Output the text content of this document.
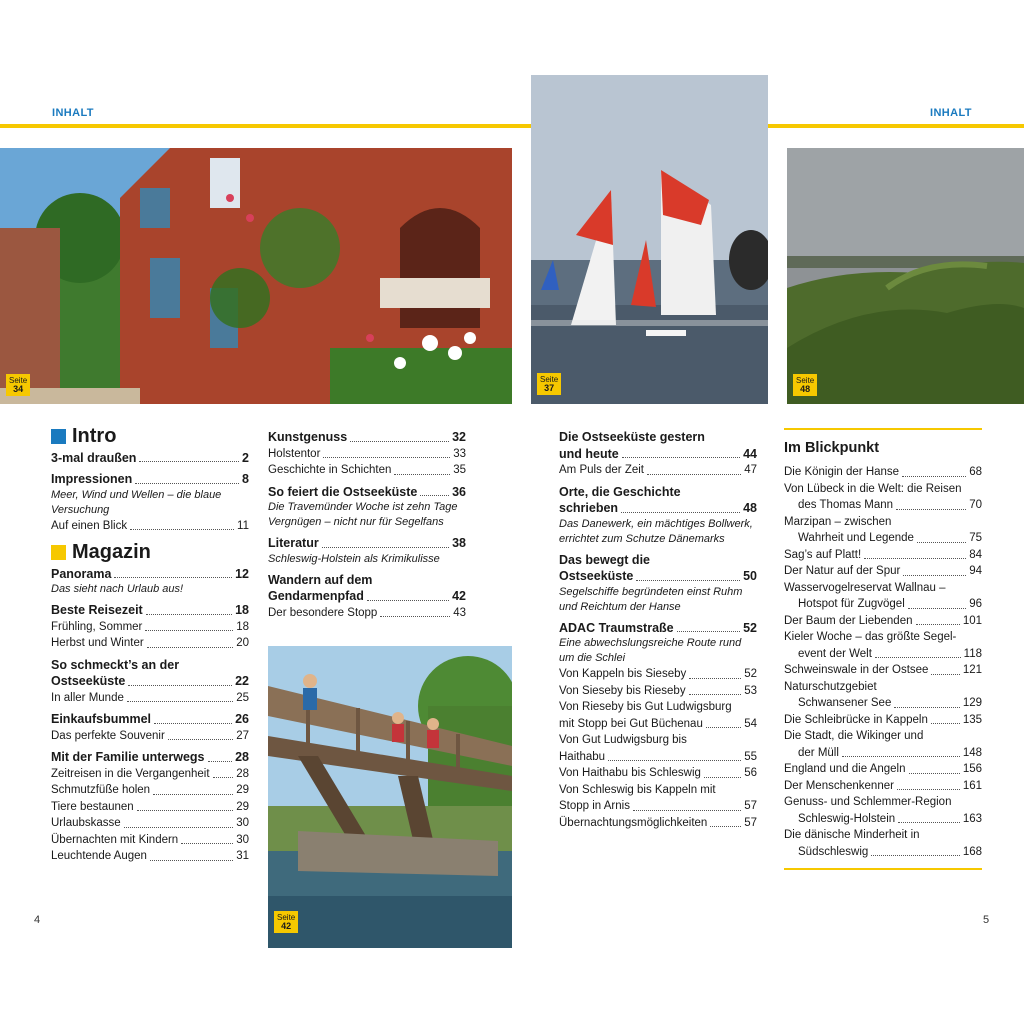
INHALT	INHALT
Seite
34
Seite
37
Seite
48
Seite
42
Intro
3-mal draußen	2
Impressionen	8
Meer, Wind und Wellen – die blaue Versuchung
Auf einen Blick	11
Magazin
Panorama	12
Das sieht nach Urlaub aus!
Beste Reisezeit	18
Frühling, Sommer	18
Herbst und Winter	20
So schmeckt’s an der
Ostseeküste	22
In aller Munde	25
Einkaufsbummel	26
Das perfekte Souvenir	27
Mit der Familie unterwegs 28
Zeitreisen in die Vergangenheit 28
Schmutzfüße holen	29
Tiere bestaunen	29
Urlaubskasse	30
Übernachten mit Kindern	30
Leuchtende Augen	31
Kunstgenuss	32
Holstentor	33
Geschichte in Schichten	35
So feiert die Ostseeküste	36
Die Travemünder Woche ist zehn Tage Vergnügen – nicht nur für Segelfans
Literatur	38
Schleswig-Holstein als Krimikulisse
Wandern auf dem
Gendarmenpfad	42
Der besondere Stopp	43
Die Ostseeküste gestern
und heute	44
Am Puls der Zeit	47
Orte, die Geschichte
schrieben	48
Das Danewerk, ein mächtiges Bollwerk, errichtet zum Schutze Dänemarks
Das bewegt die
Ostseeküste	50
Segelschiffe begründeten einst Ruhm und Reichtum der Hanse
ADAC Traumstraße	52
Eine abwechslungsreiche Route rund um die Schlei
Von Kappeln bis Sieseby	52
Von Sieseby bis Rieseby	53
Von Rieseby bis Gut Ludwigsburg
mit Stopp bei Gut Büchenau	54
Von Gut Ludwigsburg bis
Haithabu	55
Von Haithabu bis Schleswig	56
Von Schleswig bis Kappeln mit
Stopp in Arnis	57
Übernachtungsmöglichkeiten	57
Im Blickpunkt
Die Königin der Hanse	68
Von Lübeck in die Welt: die Reisen
des Thomas Mann	70
Marzipan – zwischen
Wahrheit und Legende	75
Sag’s auf Platt!	84
Der Natur auf der Spur	94
Wasservogelreservat Wallnau –
Hotspot für Zugvögel	96
Der Baum der Liebenden	101
Kieler Woche – das größte Segel-
event der Welt	118
Schweinswale in der Ostsee	121
Naturschutzgebiet
Schwansener See	129
Die Schleibrücke in Kappeln	135
Die Stadt, die Wikinger und
der Müll	148
England und die Angeln	156
Der Menschenkenner	161
Genuss- und Schlemmer-Region
Schleswig-Holstein	163
Die dänische Minderheit in
Südschleswig	168
4	5
